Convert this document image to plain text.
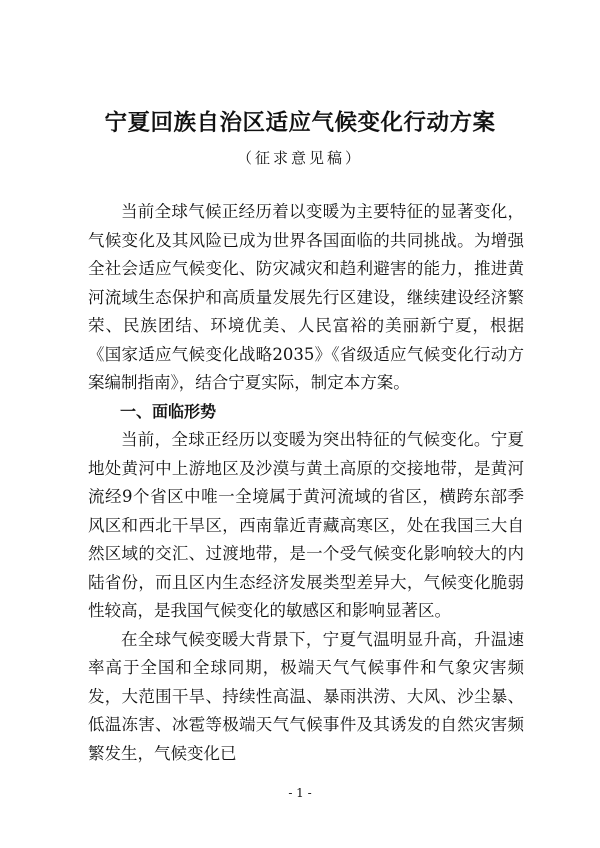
宁夏回族自治区适应气候变化行动方案
（征求意见稿）

当前全球气候正经历着以变暖为主要特征的显著变化，气候变化及其风险已成为世界各国面临的共同挑战。为增强全社会适应气候变化、防灾减灾和趋利避害的能力，推进黄河流域生态保护和高质量发展先行区建设，继续建设经济繁荣、民族团结、环境优美、人民富裕的美丽新宁夏，根据《国家适应气候变化战略2035》《省级适应气候变化行动方案编制指南》，结合宁夏实际，制定本方案。

一、面临形势

当前，全球正经历以变暖为突出特征的气候变化。宁夏地处黄河中上游地区及沙漠与黄土高原的交接地带，是黄河流经9个省区中唯一全境属于黄河流域的省区，横跨东部季风区和西北干旱区，西南靠近青藏高寒区，处在我国三大自然区域的交汇、过渡地带，是一个受气候变化影响较大的内陆省份，而且区内生态经济发展类型差异大，气候变化脆弱性较高，是我国气候变化的敏感区和影响显著区。

在全球气候变暖大背景下，宁夏气温明显升高，升温速率高于全国和全球同期，极端天气气候事件和气象灾害频发，大范围干旱、持续性高温、暴雨洪涝、大风、沙尘暴、低温冻害、冰雹等极端天气气候事件及其诱发的自然灾害频繁发生，气候变化已

- 1 -
